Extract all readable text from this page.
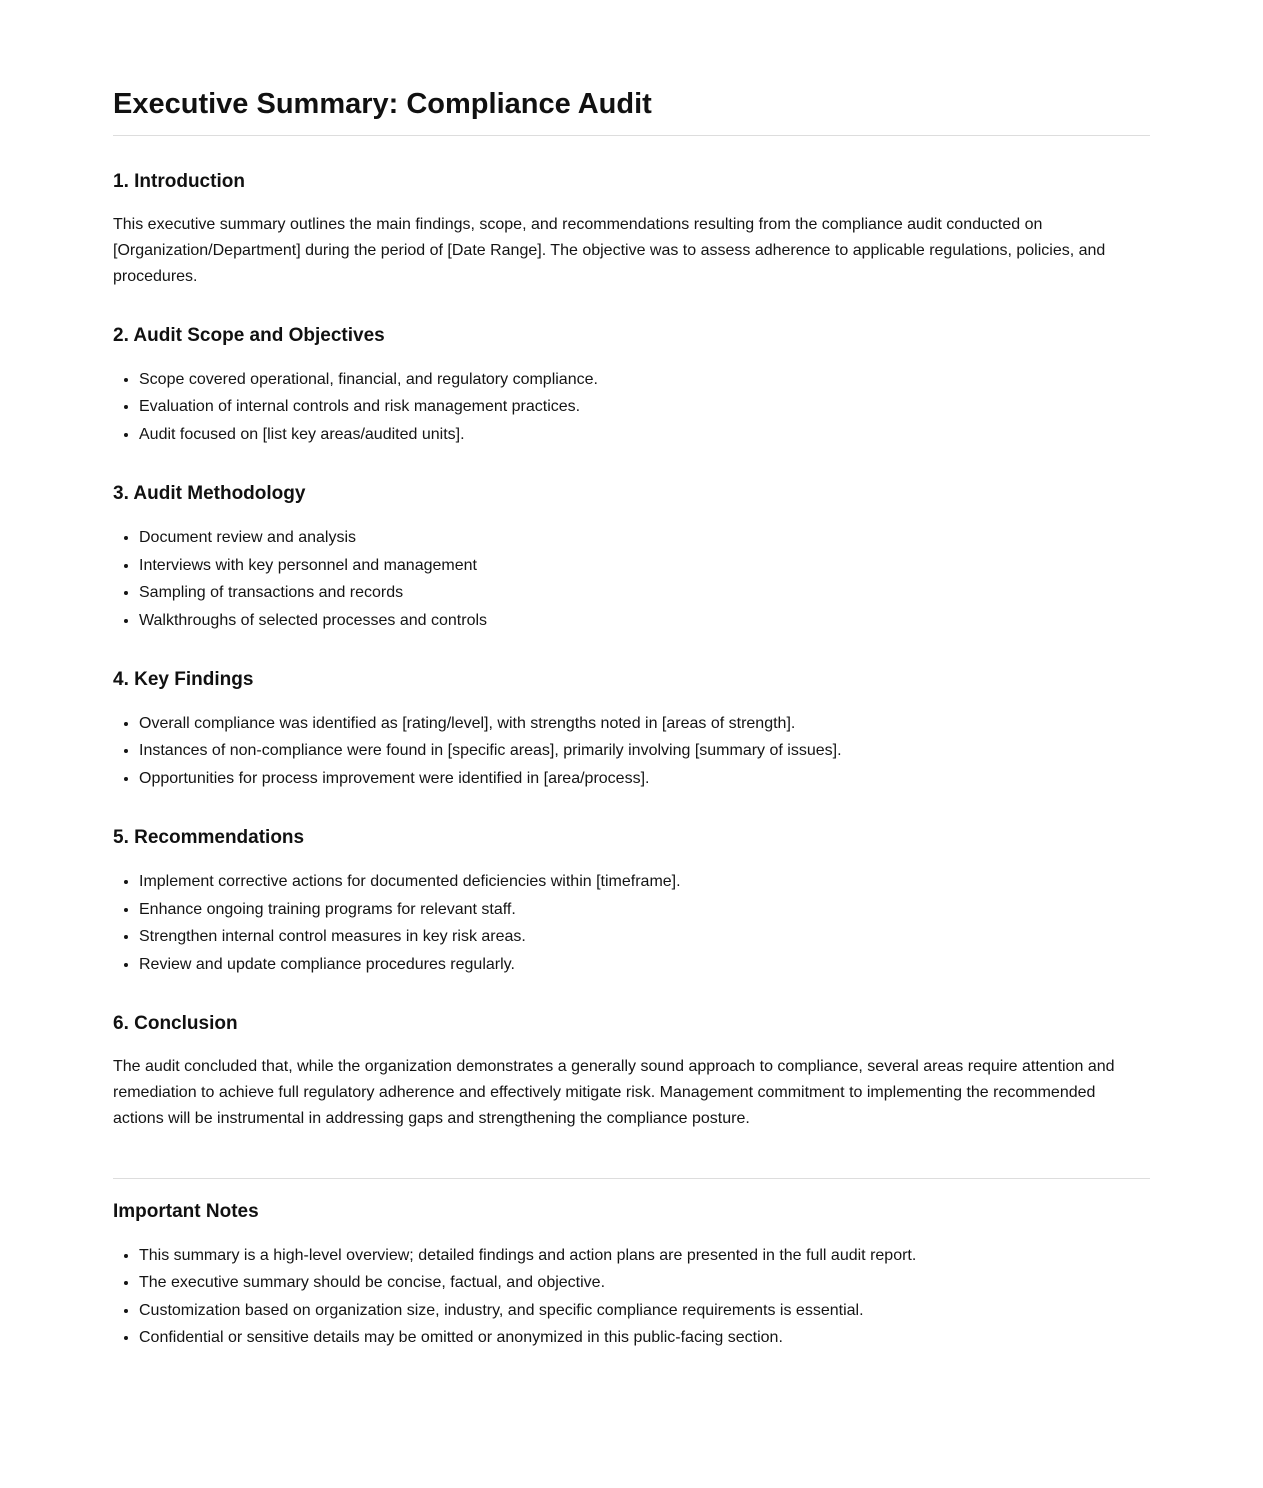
Executive Summary: Compliance Audit
1. Introduction

This executive summary outlines the main findings, scope, and recommendations resulting from the compliance audit conducted on [Organization/Department] during the period of [Date Range]. The objective was to assess adherence to applicable regulations, policies, and procedures.

2. Audit Scope and Objectives
• Scope covered operational, financial, and regulatory compliance.
• Evaluation of internal controls and risk management practices.
• Audit focused on [list key areas/audited units].
3. Audit Methodology
• Document review and analysis
• Interviews with key personnel and management
• Sampling of transactions and records
• Walkthroughs of selected processes and controls
4. Key Findings
• Overall compliance was identified as [rating/level], with strengths noted in [areas of strength].
• Instances of non-compliance were found in [specific areas], primarily involving [summary of issues].
• Opportunities for process improvement were identified in [area/process].
5. Recommendations
• Implement corrective actions for documented deficiencies within [timeframe].
• Enhance ongoing training programs for relevant staff.
• Strengthen internal control measures in key risk areas.
• Review and update compliance procedures regularly.
6. Conclusion

The audit concluded that, while the organization demonstrates a generally sound approach to compliance, several areas require attention and remediation to achieve full regulatory adherence and effectively mitigate risk. Management commitment to implementing the recommended actions will be instrumental in addressing gaps and strengthening the compliance posture.

Important Notes
• This summary is a high-level overview; detailed findings and action plans are presented in the full audit report.
• The executive summary should be concise, factual, and objective.
• Customization based on organization size, industry, and specific compliance requirements is essential.
• Confidential or sensitive details may be omitted or anonymized in this public-facing section.
